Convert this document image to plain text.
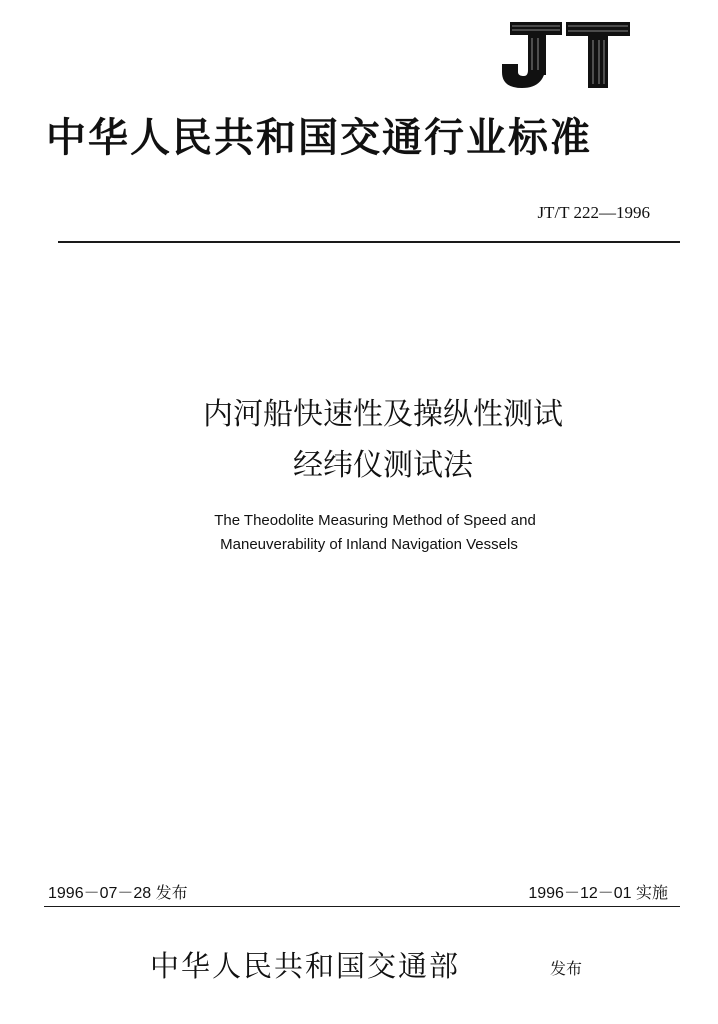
中华人民共和国交通行业标准
JT/T 222—1996
内河船快速性及操纵性测试
经纬仪测试法
The Theodolite Measuring Method of Speed and
Maneuverability of Inland Navigation Vessels
1996－07－28 发布	1996－12－01 实施
中华人民共和国交通部	发布
